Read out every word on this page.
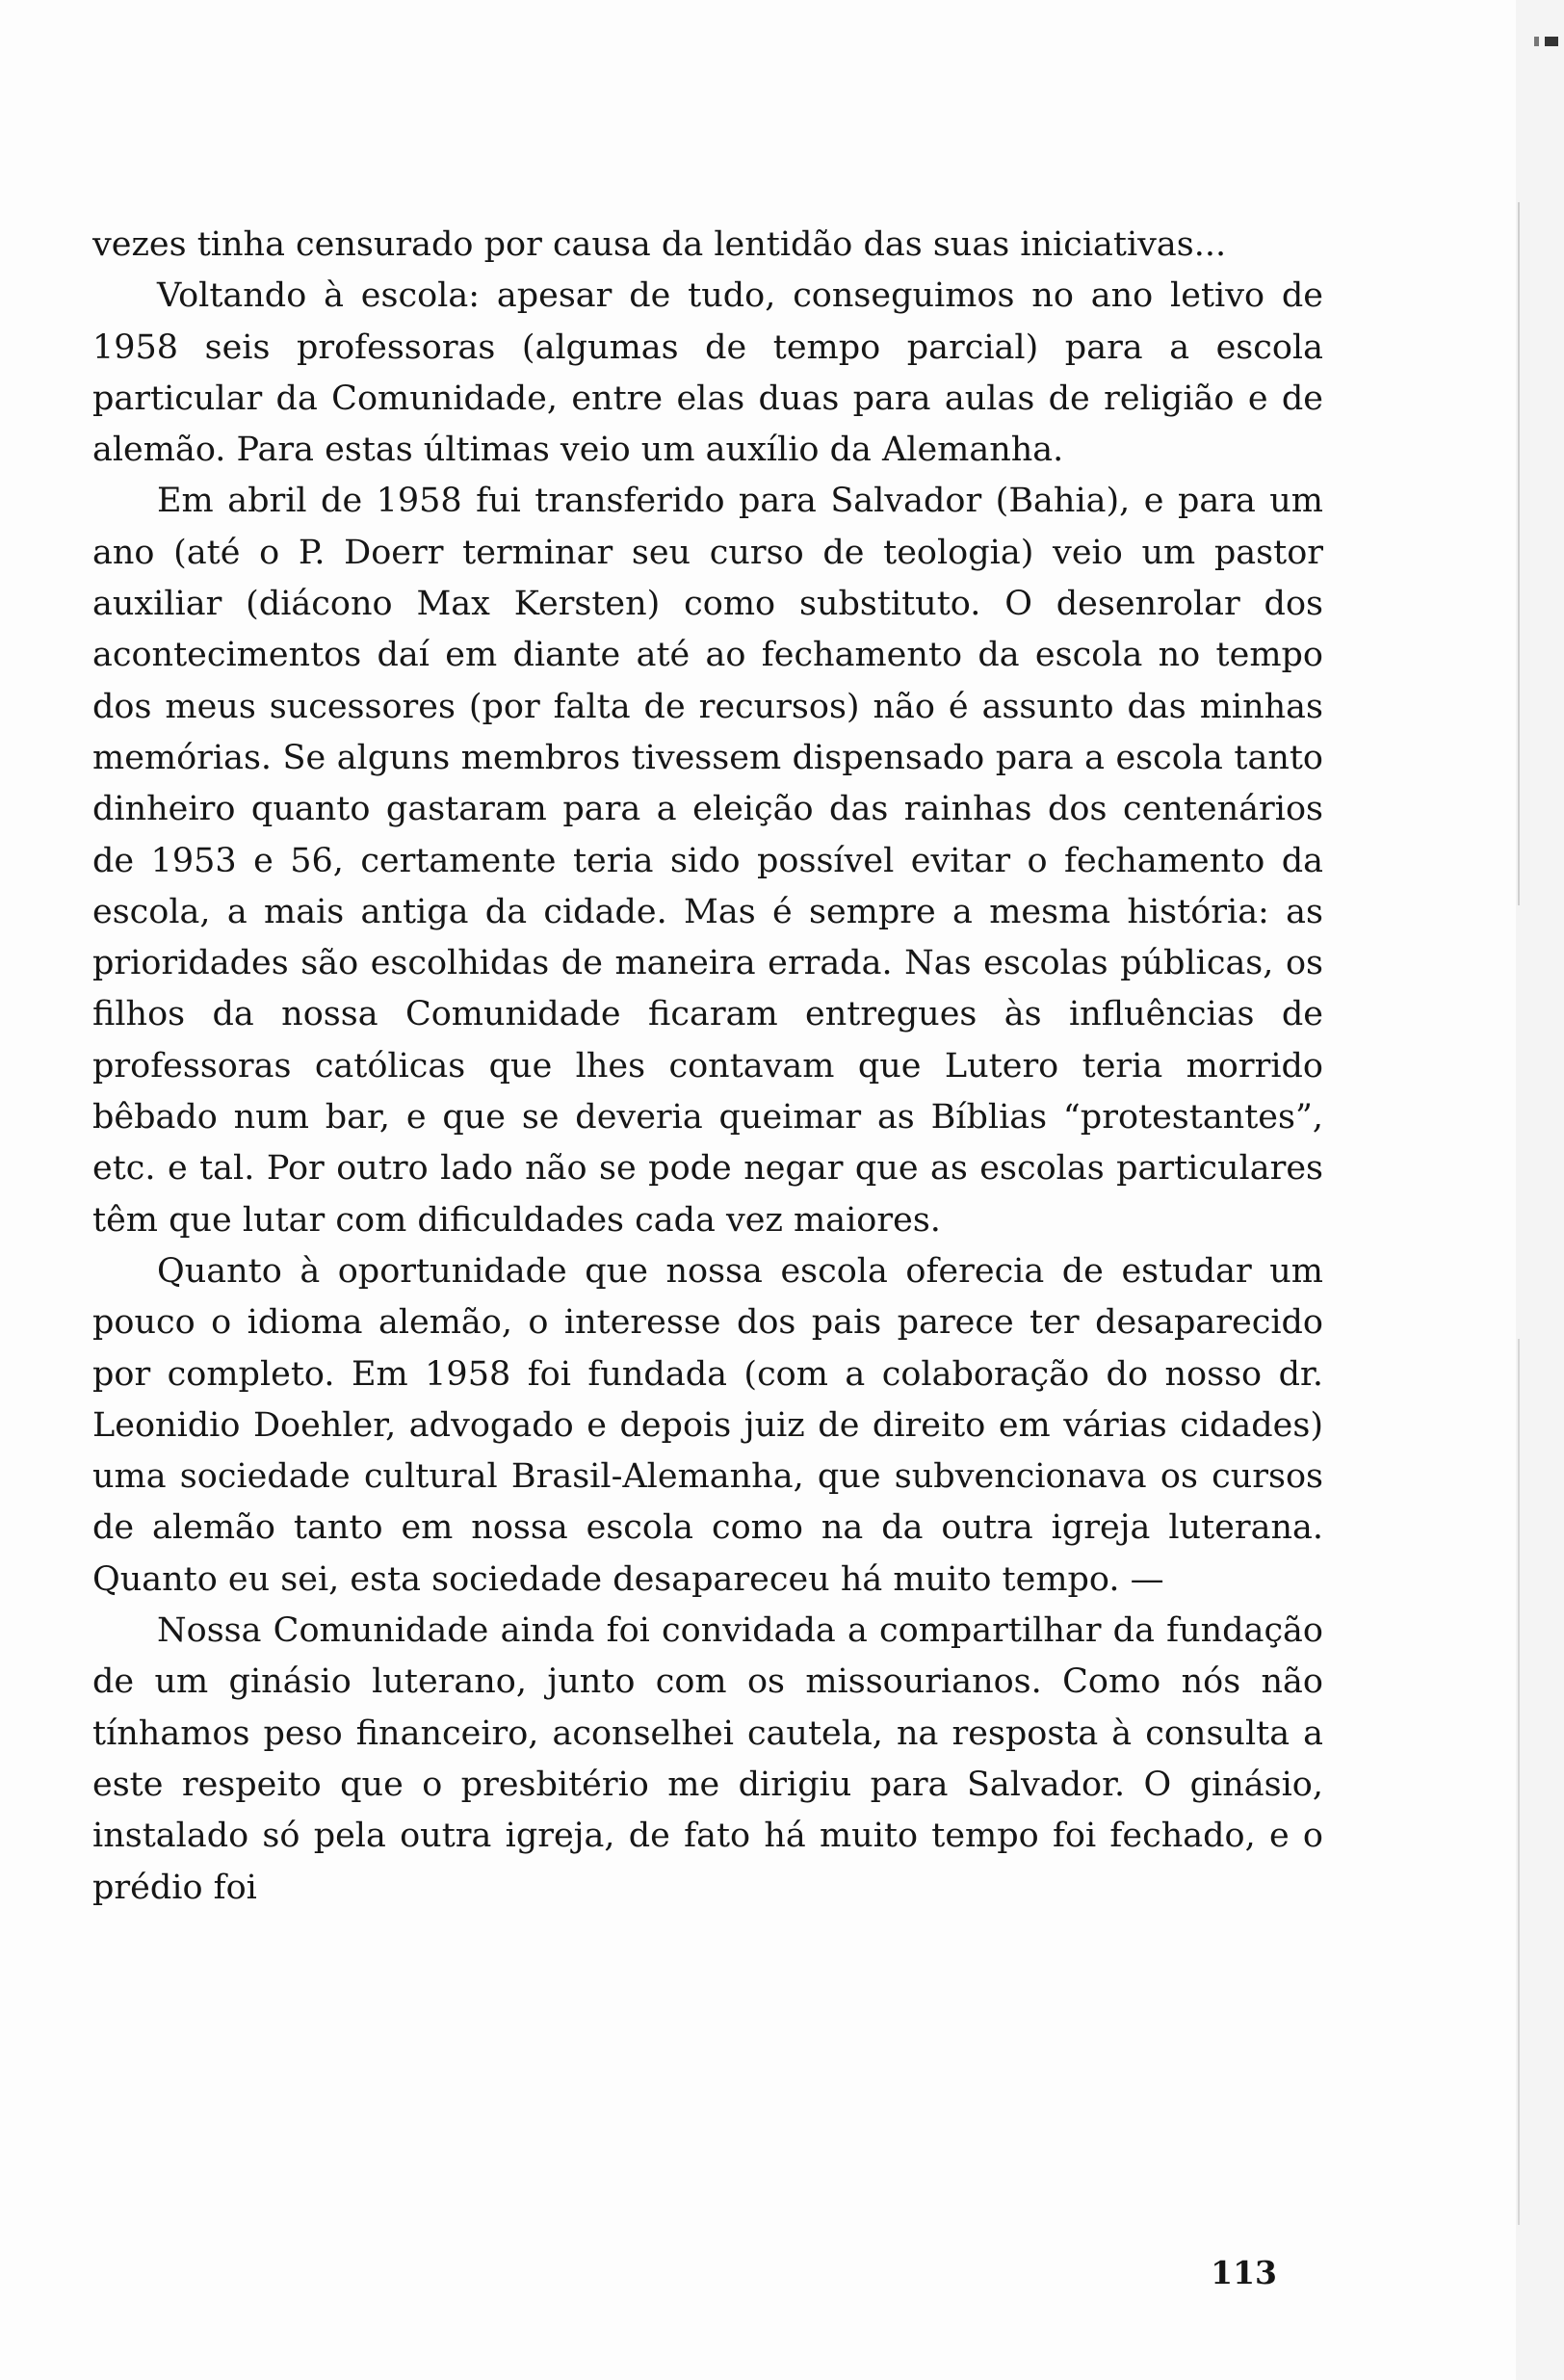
vezes tinha censurado por causa da lentidão das suas iniciativas...

Voltando à escola: apesar de tudo, conseguimos no ano letivo de 1958 seis professoras (algumas de tempo parcial) para a escola particular da Comunidade, entre elas duas para aulas de religião e de alemão. Para estas últimas veio um auxílio da Alemanha.

Em abril de 1958 fui transferido para Salvador (Bahia), e para um ano (até o P. Doerr terminar seu curso de teologia) veio um pastor auxiliar (diácono Max Kersten) como substituto. O desenrolar dos acontecimentos daí em diante até ao fechamento da escola no tempo dos meus sucessores (por falta de recursos) não é assunto das minhas memórias. Se alguns membros tivessem dispensado para a escola tanto dinheiro quanto gastaram para a eleição das rainhas dos centenários de 1953 e 56, certamente teria sido possível evitar o fechamento da escola, a mais antiga da cidade. Mas é sempre a mesma história: as prioridades são escolhidas de maneira errada. Nas escolas públicas, os filhos da nossa Comunidade ficaram entregues às influências de professoras católicas que lhes contavam que Lutero teria morrido bêbado num bar, e que se deveria queimar as Bíblias “protestantes”, etc. e tal. Por outro lado não se pode negar que as escolas particulares têm que lutar com dificuldades cada vez maiores.

Quanto à oportunidade que nossa escola oferecia de estudar um pouco o idioma alemão, o interesse dos pais parece ter desaparecido por completo. Em 1958 foi fundada (com a colaboração do nosso dr. Leonidio Doehler, advogado e depois juiz de direito em várias cidades) uma sociedade cultural Brasil-Alemanha, que subvencionava os cursos de alemão tanto em nossa escola como na da outra igreja luterana. Quanto eu sei, esta sociedade desapareceu há muito tempo. —

Nossa Comunidade ainda foi convidada a compartilhar da fundação de um ginásio luterano, junto com os missourianos. Como nós não tínhamos peso financeiro, aconselhei cautela, na resposta à consulta a este respeito que o presbitério me dirigiu para Salvador. O ginásio, instalado só pela outra igreja, de fato há muito tempo foi fechado, e o prédio foi

113
